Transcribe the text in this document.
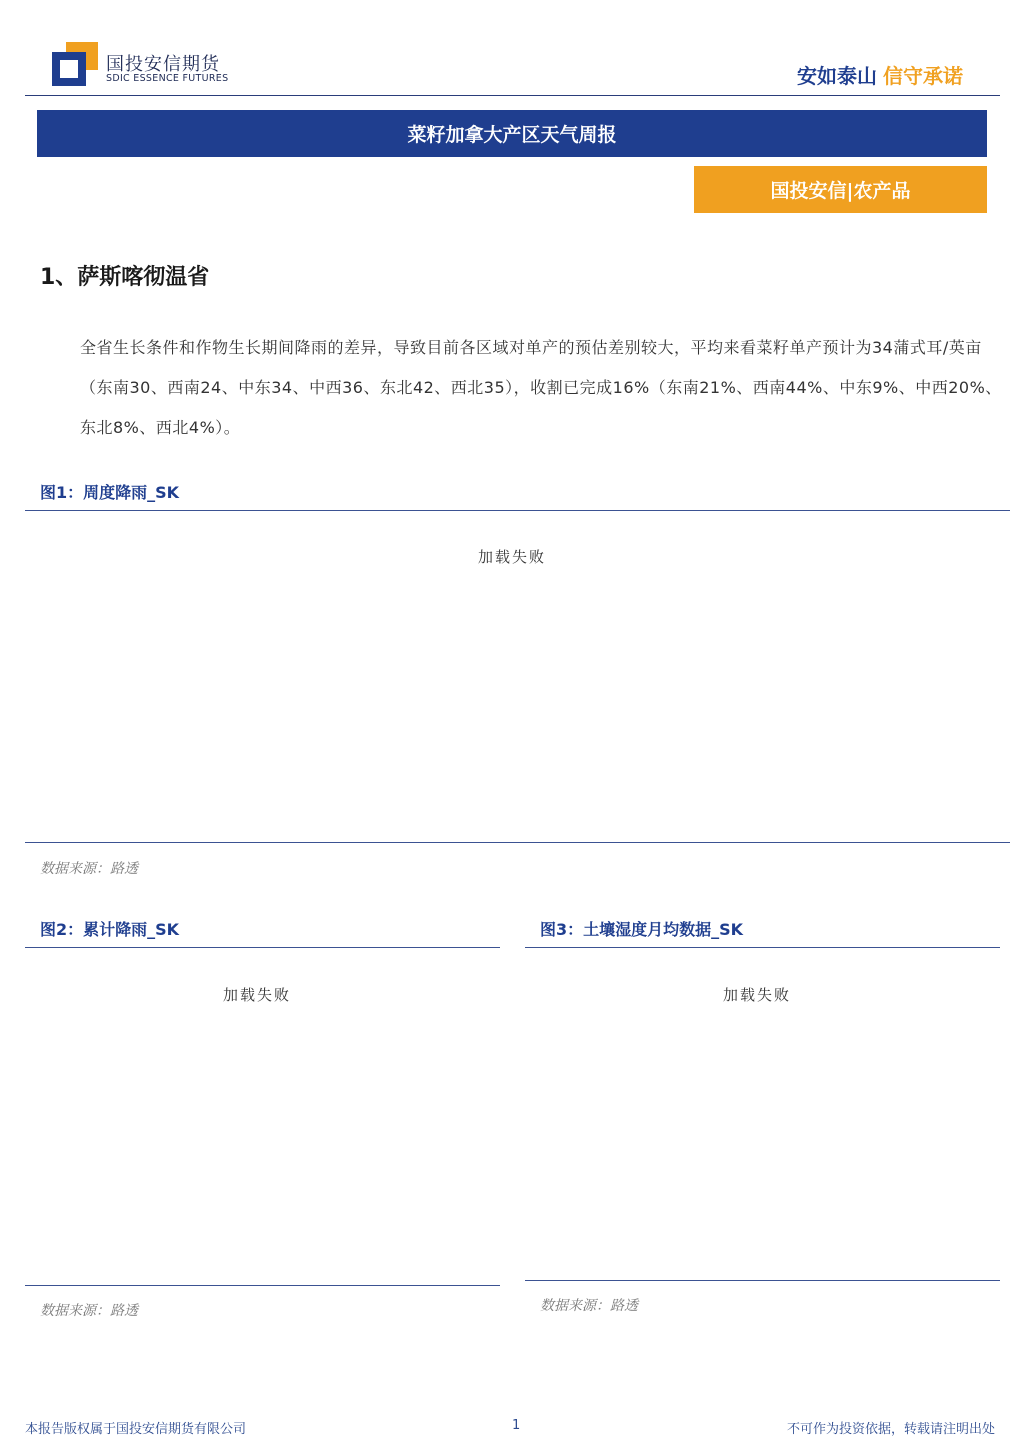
国投安信期货
SDIC ESSENCE FUTURES	安如泰山 信守承诺
菜籽加拿大产区天气周报
国投安信|农产品
1、萨斯喀彻温省
全省生长条件和作物生长期间降雨的差异，导致目前各区域对单产的预估差别较大，平均来看菜籽单产预计为34蒲式耳/英亩（东南30、西南24、中东34、中西36、东北42、西北35），收割已完成16%（东南21%、西南44%、中东9%、中西20%、东北8%、西北4%）。
图1：周度降雨_SK
加载失败
数据来源：路透
图2：累计降雨_SK
加载失败
数据来源：路透
图3：土壤湿度月均数据_SK
加载失败
数据来源：路透
本报告版权属于国投安信期货有限公司	1	不可作为投资依据，转载请注明出处
